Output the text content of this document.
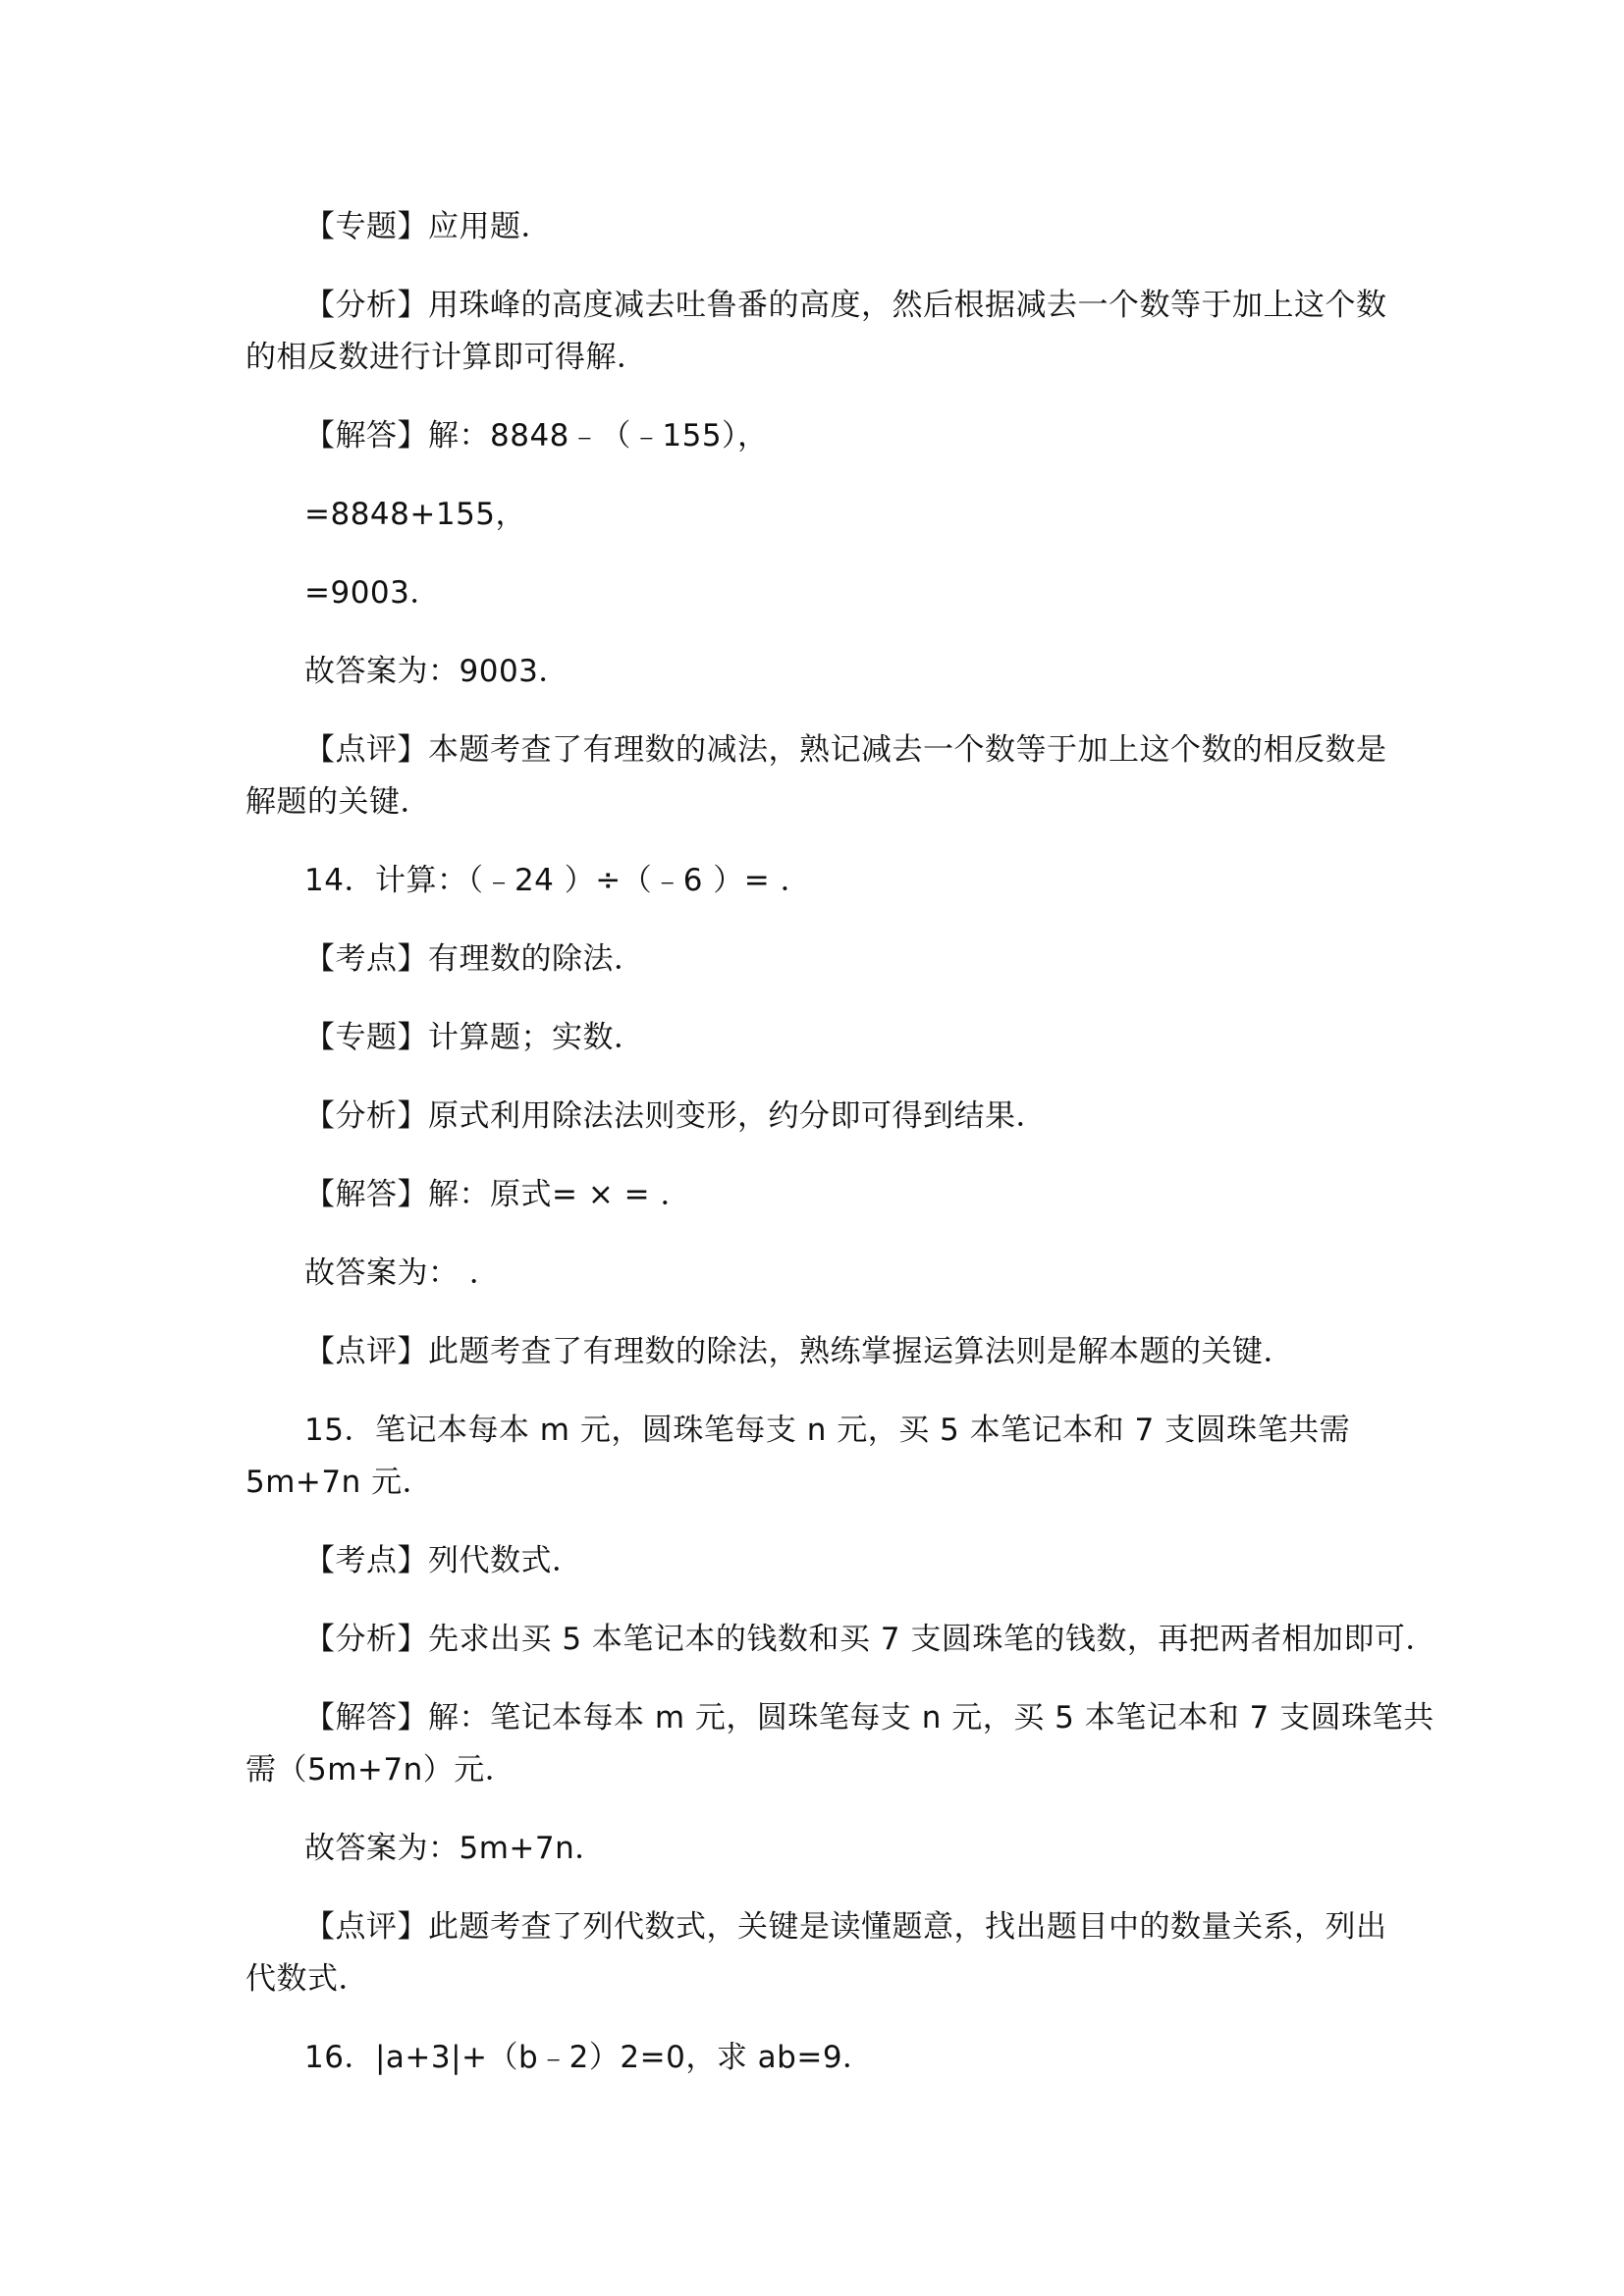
【专题】应用题．
【分析】用珠峰的高度减去吐鲁番的高度，然后根据减去一个数等于加上这个数
的相反数进行计算即可得解．
【解答】解：8848﹣（﹣155），
=8848+155，
=9003．
故答案为：9003．
【点评】本题考查了有理数的减法，熟记减去一个数等于加上这个数的相反数是
解题的关键．
14．计算：（﹣24 ）÷（﹣6 ）= ．
【考点】有理数的除法．
【专题】计算题；实数．
【分析】原式利用除法法则变形，约分即可得到结果．
【解答】解：原式= × = ．
故答案为： ．
【点评】此题考查了有理数的除法，熟练掌握运算法则是解本题的关键．
15．笔记本每本 m 元，圆珠笔每支 n 元，买 5 本笔记本和 7 支圆珠笔共需
5m+7n 元．
【考点】列代数式．
【分析】先求出买 5 本笔记本的钱数和买 7 支圆珠笔的钱数，再把两者相加即可．
【解答】解：笔记本每本 m 元，圆珠笔每支 n 元，买 5 本笔记本和 7 支圆珠笔共
需（5m+7n）元．
故答案为：5m+7n．
【点评】此题考查了列代数式，关键是读懂题意，找出题目中的数量关系，列出
代数式．
16．|a+3|+（b﹣2）2=0，求 ab=9．
